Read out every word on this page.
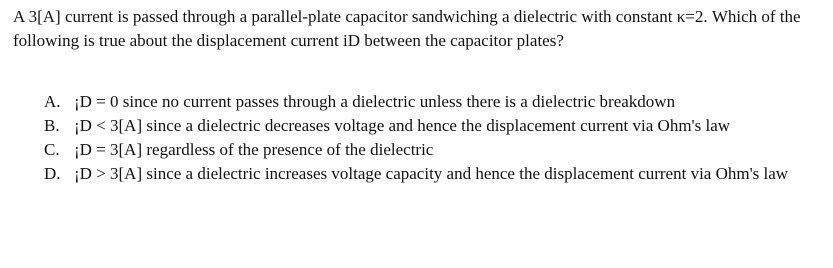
A 3[A] current is passed through a parallel-plate capacitor sandwiching a dielectric with constant κ=2. Which of the following is true about the displacement current iD between the capacitor plates?

A. ¡D = 0 since no current passes through a dielectric unless there is a dielectric breakdown
B. ¡D < 3[A] since a dielectric decreases voltage and hence the displacement current via Ohm's law
C. ¡D = 3[A] regardless of the presence of the dielectric
D. ¡D > 3[A] since a dielectric increases voltage capacity and hence the displacement current via Ohm's law
